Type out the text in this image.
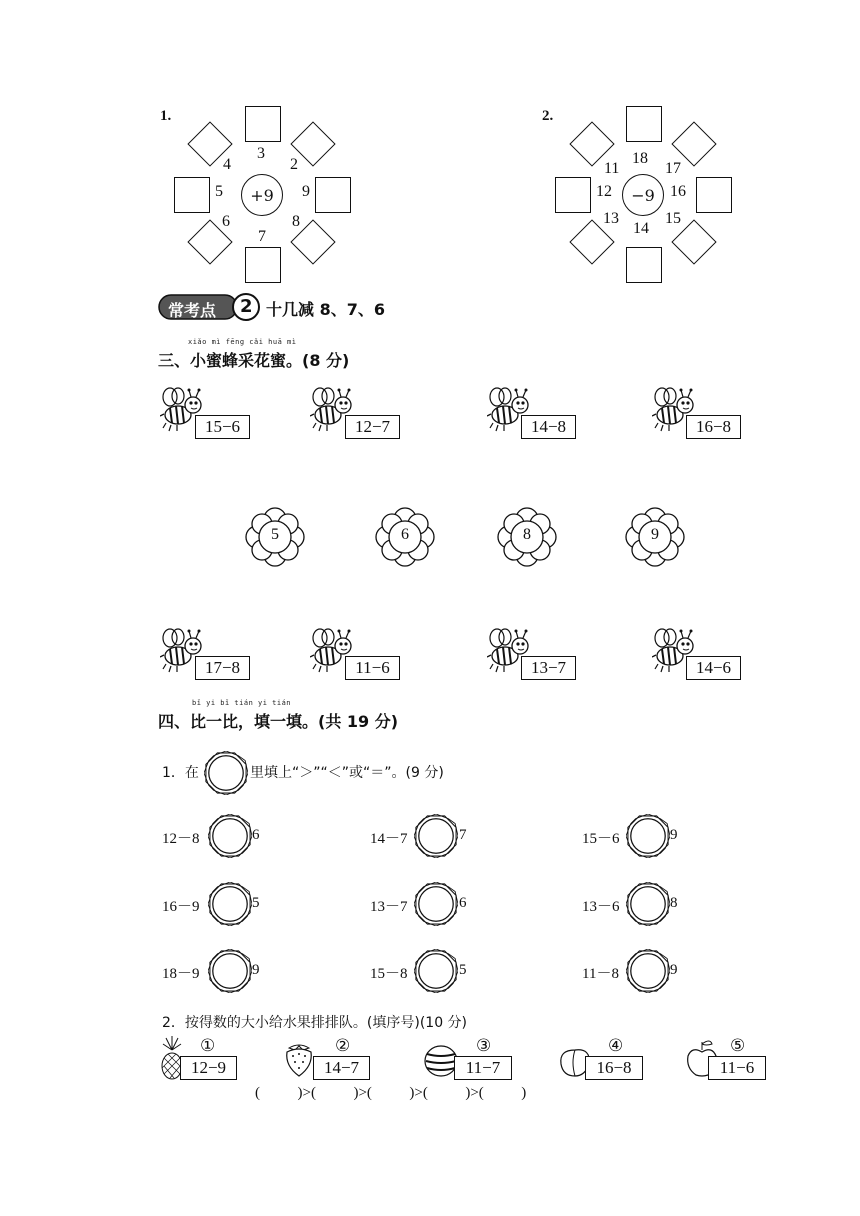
1.
+9
3
2
9
8
7
6
5
4
2.
−9
18
17
16
15
14
13
12
11
常考点 2 十几减 8、7、6
xiǎo mì fēng cǎi huā mì
三、小蜜蜂采花蜜。(8 分)
15−6	12−7	14−8	16−8
5	6	8	9
17−8	11−6	13−7	14−6
bǐ yi bǐ tián yi tián
四、比一比，填一填。(共 19 分)
1．在	里填上“＞”“＜”或“＝”。(9 分)
12－8	6	14－7	7	15－6	9
16－9	5	13－7	6	13－6	8
18－9	9	15－8	5	11－8	9
2．按得数的大小给水果排排队。(填序号)(10 分)
①
12−9
②
14−7
③
11−7
④
16−8
⑤
11−6
(          )>(          )>(          )>(          )>(          )
